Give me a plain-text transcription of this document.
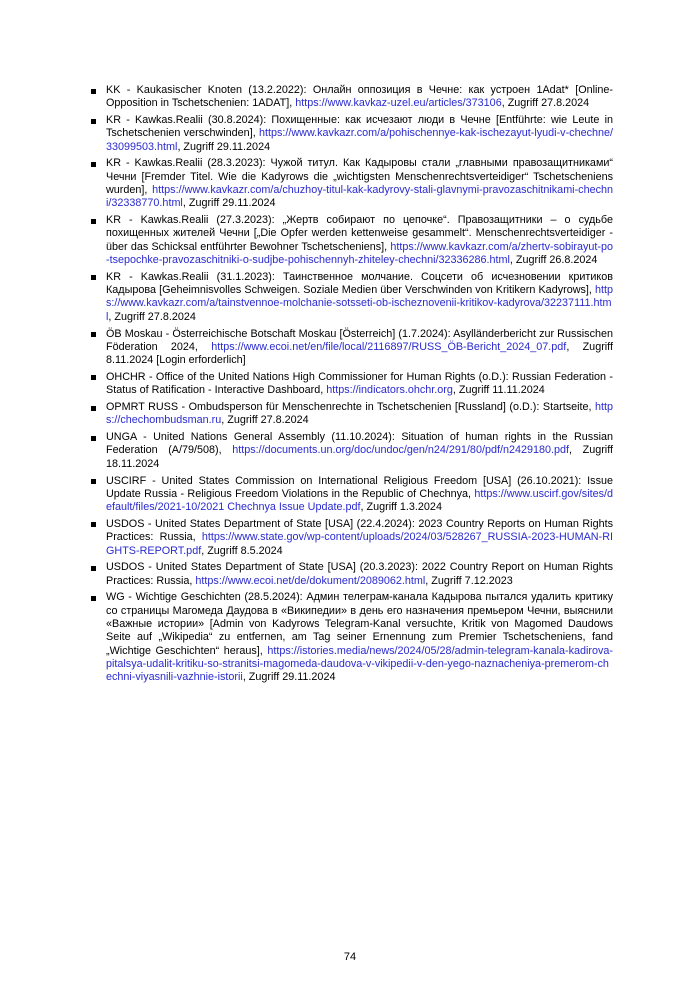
KK - Kaukasischer Knoten (13.2.2022): Онлайн оппозиция в Чечне: как устроен 1Adat* [Online-Opposition in Tschetschenien: 1ADAT], https://www.kavkaz-uzel.eu/articles/373106, Zugriff 27.8.2024
KR - Kawkas.Realii (30.8.2024): Похищенные: как исчезают люди в Чечне [Entführte: wie Leute in Tschetschenien verschwinden], https://www.kavkazr.com/a/pohischennye-kak-ischezayut-lyudi-v-chechne/33099503.html, Zugriff 29.11.2024
KR - Kawkas.Realii (28.3.2023): Чужой титул. Как Кадыровы стали „главными правозащитниками“ Чечни [Fremder Titel. Wie die Kadyrows die „wichtigsten Menschenrechtsverteidiger“ Tschetscheniens wurden], https://www.kavkazr.com/a/chuzhoy-titul-kak-kadyrovy-stali-glavnymi-pravozaschitnikami-chechni/32338770.html, Zugriff 29.11.2024
KR - Kawkas.Realii (27.3.2023): „Жертв собирают по цепочке“. Правозащитники – о судьбе похищенных жителей Чечни [„Die Opfer werden kettenweise gesammelt“. Menschenrechtsverteidiger - über das Schicksal entführter Bewohner Tschetscheniens], https://www.kavkazr.com/a/zhertv-sobirayut-po-tsepochke-pravozaschitniki-o-sudjbe-pohischennyh-zhiteley-chechni/32336286.html, Zugriff 26.8.2024
KR - Kawkas.Realii (31.1.2023): Таинственное молчание. Соцсети об исчезновении критиков Кадырова [Geheimnisvolles Schweigen. Soziale Medien über Verschwinden von Kritikern Kadyrows], https://www.kavkazr.com/a/tainstvennoe-molchanie-sotsseti-ob-ischeznovenii-kritikov-kadyrova/32237111.html, Zugriff 27.8.2024
ÖB Moskau - Österreichische Botschaft Moskau [Österreich] (1.7.2024): Asylländerbericht zur Russischen Föderation 2024, https://www.ecoi.net/en/file/local/2116897/RUSS_ÖB-Bericht_2024_07.pdf, Zugriff 8.11.2024 [Login erforderlich]
OHCHR - Office of the United Nations High Commissioner for Human Rights (o.D.): Russian Federation - Status of Ratification - Interactive Dashboard, https://indicators.ohchr.org, Zugriff 11.11.2024
OPMRT RUSS - Ombudsperson für Menschenrechte in Tschetschenien [Russland] (o.D.): Startseite, https://chechombudsman.ru, Zugriff 27.8.2024
UNGA - United Nations General Assembly (11.10.2024): Situation of human rights in the Russian Federation (A/79/508), https://documents.un.org/doc/undoc/gen/n24/291/80/pdf/n2429180.pdf, Zugriff 18.11.2024
USCIRF - United States Commission on International Religious Freedom [USA] (26.10.2021): Issue Update Russia - Religious Freedom Violations in the Republic of Chechnya, https://www.uscirf.gov/sites/default/files/2021-10/2021 Chechnya Issue Update.pdf, Zugriff 1.3.2024
USDOS - United States Department of State [USA] (22.4.2024): 2023 Country Reports on Human Rights Practices: Russia, https://www.state.gov/wp-content/uploads/2024/03/528267_RUSSIA-2023-HUMAN-RIGHTS-REPORT.pdf, Zugriff 8.5.2024
USDOS - United States Department of State [USA] (20.3.2023): 2022 Country Report on Human Rights Practices: Russia, https://www.ecoi.net/de/dokument/2089062.html, Zugriff 7.12.2023
WG - Wichtige Geschichten (28.5.2024): Админ телеграм-канала Кадырова пытался удалить критику со страницы Магомеда Даудова в «Википедии» в день его назначения премьером Чечни, выяснили «Важные истории» [Admin von Kadyrows Telegram-Kanal versuchte, Kritik von Magomed Daudows Seite auf „Wikipedia“ zu entfernen, am Tag seiner Ernennung zum Premier Tschetscheniens, fand „Wichtige Geschichten“ heraus], https://istories.media/news/2024/05/28/admin-telegram-kanala-kadirova-pitalsya-udalit-kritiku-so-stranitsi-magomeda-daudova-v-vikipedii-v-den-yego-naznacheniya-premerom-chechni-viyasnili-vazhnie-istorii, Zugriff 29.11.2024
74
